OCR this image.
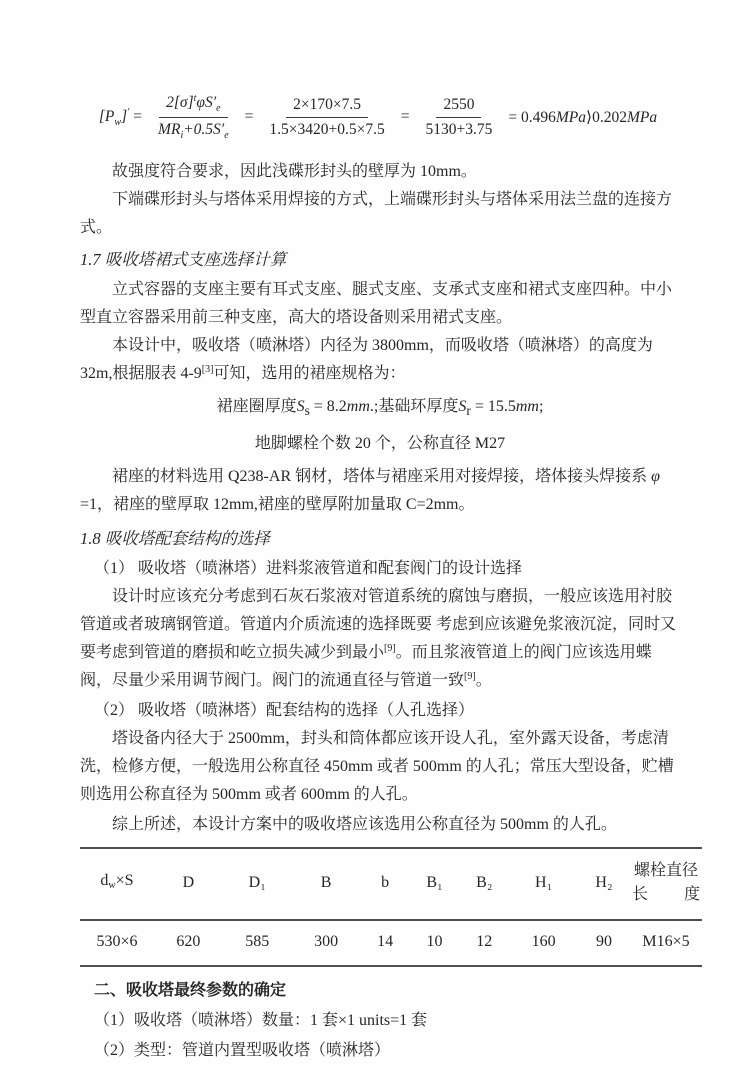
$[P_w]' = \frac{2[\sigma]^t\varphi S'_e}{MR_i+0.5S'_e} = \frac{2\times 170\times 7.5}{1.5\times 3420+0.5\times 7.5} = \frac{2550}{5130+3.75}$ = 0.496MPa⟩0.202MPa

故强度符合要求，因此浅碟形封头的壁厚为 10mm。

下端碟形封头与塔体采用焊接的方式，上端碟形封头与塔体采用法兰盘的连接方式。

1.7 吸收塔裙式支座选择计算

立式容器的支座主要有耳式支座、腿式支座、支承式支座和裙式支座四种。中小型直立容器采用前三种支座，高大的塔设备则采用裙式支座。

本设计中，吸收塔（喷淋塔）内径为 3800mm，而吸收塔（喷淋塔）的高度为 32m,根据服表 4-9[3]可知，选用的裙座规格为：

裙座圈厚度$S_s = 8.2mm$.;基础环厚度$S_r = 15.5mm$;
地脚螺栓个数 20 个，公称直径 M27

裙座的材料选用 Q238-AR 钢材，塔体与裙座采用对接焊接，塔体接头焊接系 φ =1，裙座的壁厚取 12mm,裙座的壁厚附加量取 C=2mm。

1.8 吸收塔配套结构的选择

（1） 吸收塔（喷淋塔）进料浆液管道和配套阀门的设计选择

设计时应该充分考虑到石灰石浆液对管道系统的腐蚀与磨损，一般应该选用衬胶管道或者玻璃钢管道。管道内介质流速的选择既要 考虑到应该避免浆液沉淀，同时又要考虑到管道的磨损和屹立损失减少到最小[9]。而且浆液管道上的阀门应该选用蝶阀，尽量少采用调节阀门。阀门的流通直径与管道一致[9]。

（2） 吸收塔（喷淋塔）配套结构的选择（人孔选择）

塔设备内径大于 2500mm，封头和筒体都应该开设人孔，室外露天设备，考虑清洗，检修方便，一般选用公称直径 450mm 或者 500mm 的人孔；常压大型设备，贮槽则选用公称直径为 500mm 或者 600mm 的人孔。

综上所述，本设计方案中的吸收塔应该选用公称直径为 500mm 的人孔。

$d_w\times S$	D	D₁	B	b	B₁	B₂	H₁	H₂	螺栓直径长度
530×6	620	585	300	14	10	12	160	90	M16×5
二、吸收塔最终参数的确定

（1）吸收塔（喷淋塔）数量：1 套×1 units=1 套

（2）类型：管道内置型吸收塔（喷淋塔）
